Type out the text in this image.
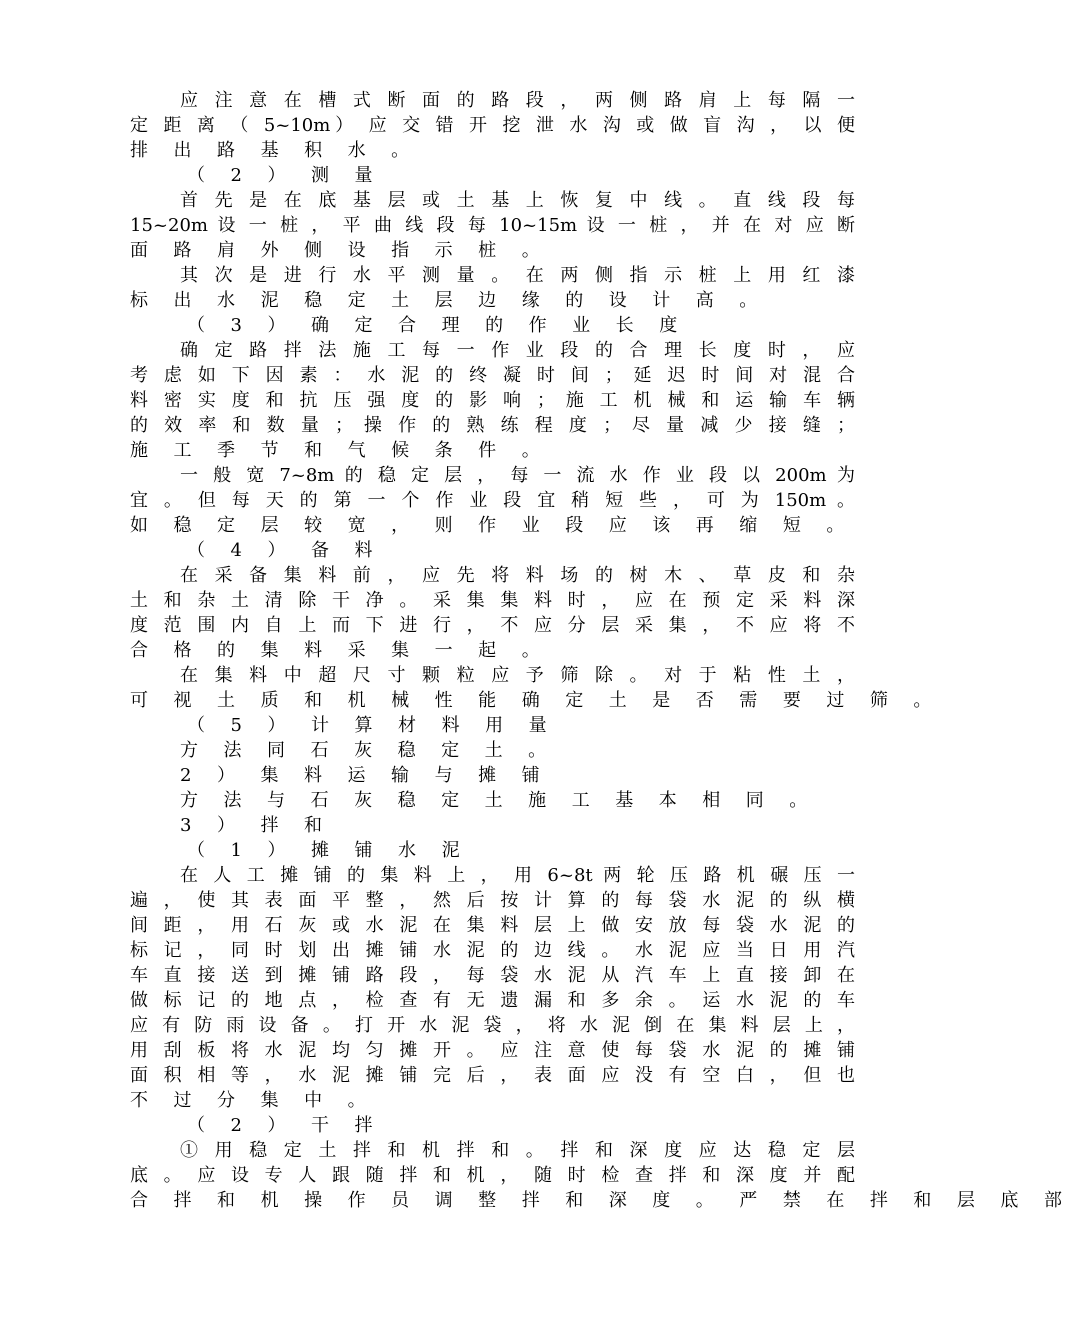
应 注 意 在 槽 式 断 面 的 路 段 ， 两 侧 路 肩 上 每 隔 一
定 距 离 （ 5~10m） 应 交 错 开 挖 泄 水 沟 或 做 盲 沟 ， 以 便
排 出 路 基 积 水 。
（ 2 ） 测 量
首 先 是 在 底 基 层 或 土 基 上 恢 复 中 线 。 直 线 段 每
15~20m 设 一 桩 ， 平 曲 线 段 每 10~15m 设 一 桩 ， 并 在 对 应 断
面 路 肩 外 侧 设 指 示 桩 。
其 次 是 进 行 水 平 测 量 。 在 两 侧 指 示 桩 上 用 红 漆
标 出 水 泥 稳 定 土 层 边 缘 的 设 计 高 。
（ 3 ） 确 定 合 理 的 作 业 长 度
确 定 路 拌 法 施 工 每 一 作 业 段 的 合 理 长 度 时 ， 应
考 虑 如 下 因 素 ： 水 泥 的 终 凝 时 间 ； 延 迟 时 间 对 混 合
料 密 实 度 和 抗 压 强 度 的 影 响 ； 施 工 机 械 和 运 输 车 辆
的 效 率 和 数 量 ； 操 作 的 熟 练 程 度 ； 尽 量 减 少 接 缝 ；
施 工 季 节 和 气 候 条 件 。
一 般 宽 7~8m 的 稳 定 层 ， 每 一 流 水 作 业 段 以 200m 为
宜 。 但 每 天 的 第 一 个 作 业 段 宜 稍 短 些 ， 可 为 150m 。
如 稳 定 层 较 宽 ， 则 作 业 段 应 该 再 缩 短 。
（ 4 ） 备 料
在 采 备 集 料 前 ， 应 先 将 料 场 的 树 木 、 草 皮 和 杂
土 和 杂 土 清 除 干 净 。 采 集 集 料 时 ， 应 在 预 定 采 料 深
度 范 围 内 自 上 而 下 进 行 ， 不 应 分 层 采 集 ， 不 应 将 不
合 格 的 集 料 采 集 一 起 。
在 集 料 中 超 尺 寸 颗 粒 应 予 筛 除 。 对 于 粘 性 土 ，
可 视 土 质 和 机 械 性 能 确 定 土 是 否 需 要 过 筛 。
（ 5 ） 计 算 材 料 用 量
方 法 同 石 灰 稳 定 土 。
2 ） 集 料 运 输 与 摊 铺
方 法 与 石 灰 稳 定 土 施 工 基 本 相 同 。
3 ） 拌 和
（ 1 ） 摊 铺 水 泥
在 人 工 摊 铺 的 集 料 上 ， 用 6~8t 两 轮 压 路 机 碾 压 一
遍 ， 使 其 表 面 平 整 ， 然 后 按 计 算 的 每 袋 水 泥 的 纵 横
间 距 ， 用 石 灰 或 水 泥 在 集 料 层 上 做 安 放 每 袋 水 泥 的
标 记 ， 同 时 划 出 摊 铺 水 泥 的 边 线 。 水 泥 应 当 日 用 汽
车 直 接 送 到 摊 铺 路 段 ， 每 袋 水 泥 从 汽 车 上 直 接 卸 在
做 标 记 的 地 点 ， 检 查 有 无 遗 漏 和 多 余 。 运 水 泥 的 车
应 有 防 雨 设 备 。 打 开 水 泥 袋 ， 将 水 泥 倒 在 集 料 层 上 ，
用 刮 板 将 水 泥 均 匀 摊 开 。 应 注 意 使 每 袋 水 泥 的 摊 铺
面 积 相 等 ， 水 泥 摊 铺 完 后 ， 表 面 应 没 有 空 白 ， 但 也
不 过 分 集 中 。
（ 2 ） 干 拌
① 用 稳 定 土 拌 和 机 拌 和 。 拌 和 深 度 应 达 稳 定 层
底 。 应 设 专 人 跟 随 拌 和 机 ， 随 时 检 查 拌 和 深 度 并 配
合 拌 和 机 操 作 员 调 整 拌 和 深 度 。 严 禁 在 拌 和 层 底 部
